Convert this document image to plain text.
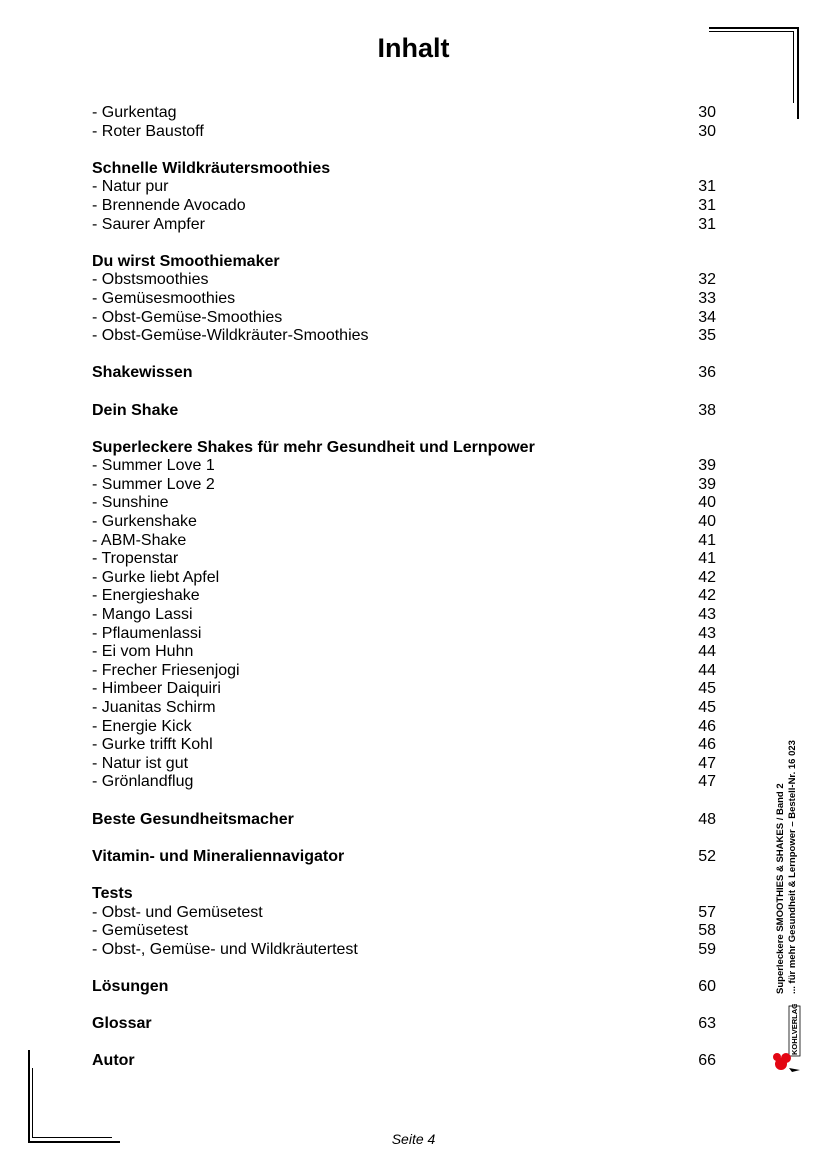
Inhalt
- Gurkentag	30
- Roter Baustoff	30
Schnelle Wildkräutersmoothies
- Natur pur	31
- Brennende Avocado	31
- Saurer Ampfer	31
Du wirst Smoothiemaker
- Obstsmoothies	32
- Gemüsesmoothies	33
- Obst-Gemüse-Smoothies	34
- Obst-Gemüse-Wildkräuter-Smoothies	35
Shakewissen	36
Dein Shake	38
Superleckere Shakes für mehr Gesundheit und Lernpower
- Summer Love 1	39
- Summer Love 2	39
- Sunshine	40
- Gurkenshake	40
- ABM-Shake	41
- Tropenstar	41
- Gurke liebt Apfel	42
- Energieshake	42
- Mango Lassi	43
- Pflaumenlassi	43
- Ei vom Huhn	44
- Frecher Friesenjogi	44
- Himbeer Daiquiri	45
- Juanitas Schirm	45
- Energie Kick	46
- Gurke trifft Kohl	46
- Natur ist gut	47
- Grönlandflug	47
Beste Gesundheitsmacher	48
Vitamin- und Mineraliennavigator	52
Tests
- Obst- und Gemüsetest	57
- Gemüsetest	58
- Obst-, Gemüse- und Wildkräutertest	59
Lösungen	60
Glossar	63
Autor	66
Superleckere SMOOTHIES & SHAKES / Band 2 ... für mehr Gesundheit & Lernpower – Bestell-Nr. 16 023
KOHLVERLAG
Seite 4
